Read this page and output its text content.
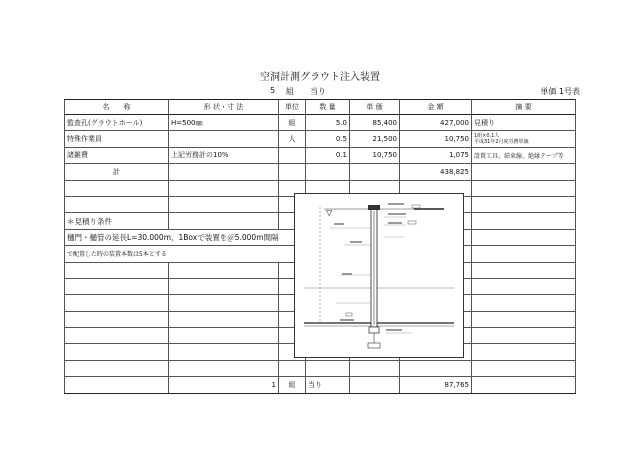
空洞計測グラウト注入装置
5 組 当り	単価 1号表
名　　称	形 状・寸 法	単位	数 量	単 価	金 額	摘 要
監査孔(グラウトホール)	H=500㎜	組	5.0	85,400	427,000	見積り
特殊作業員		人	0.5	21,500	10,750	1組×0.1人
平成31年2月度労務単価

諸雑費	上記労務計の10%		0.1	10,750	1,075	設置工具、結束線、絶縁テープ等
計					438,825	

＊見積り条件						
樋門・樋管の延長L=30.000m、1Boxで装置を＠5.000m間隔						
で配置した時の装置本数は5本とする						

	1	組	当り		87,765	
▽
